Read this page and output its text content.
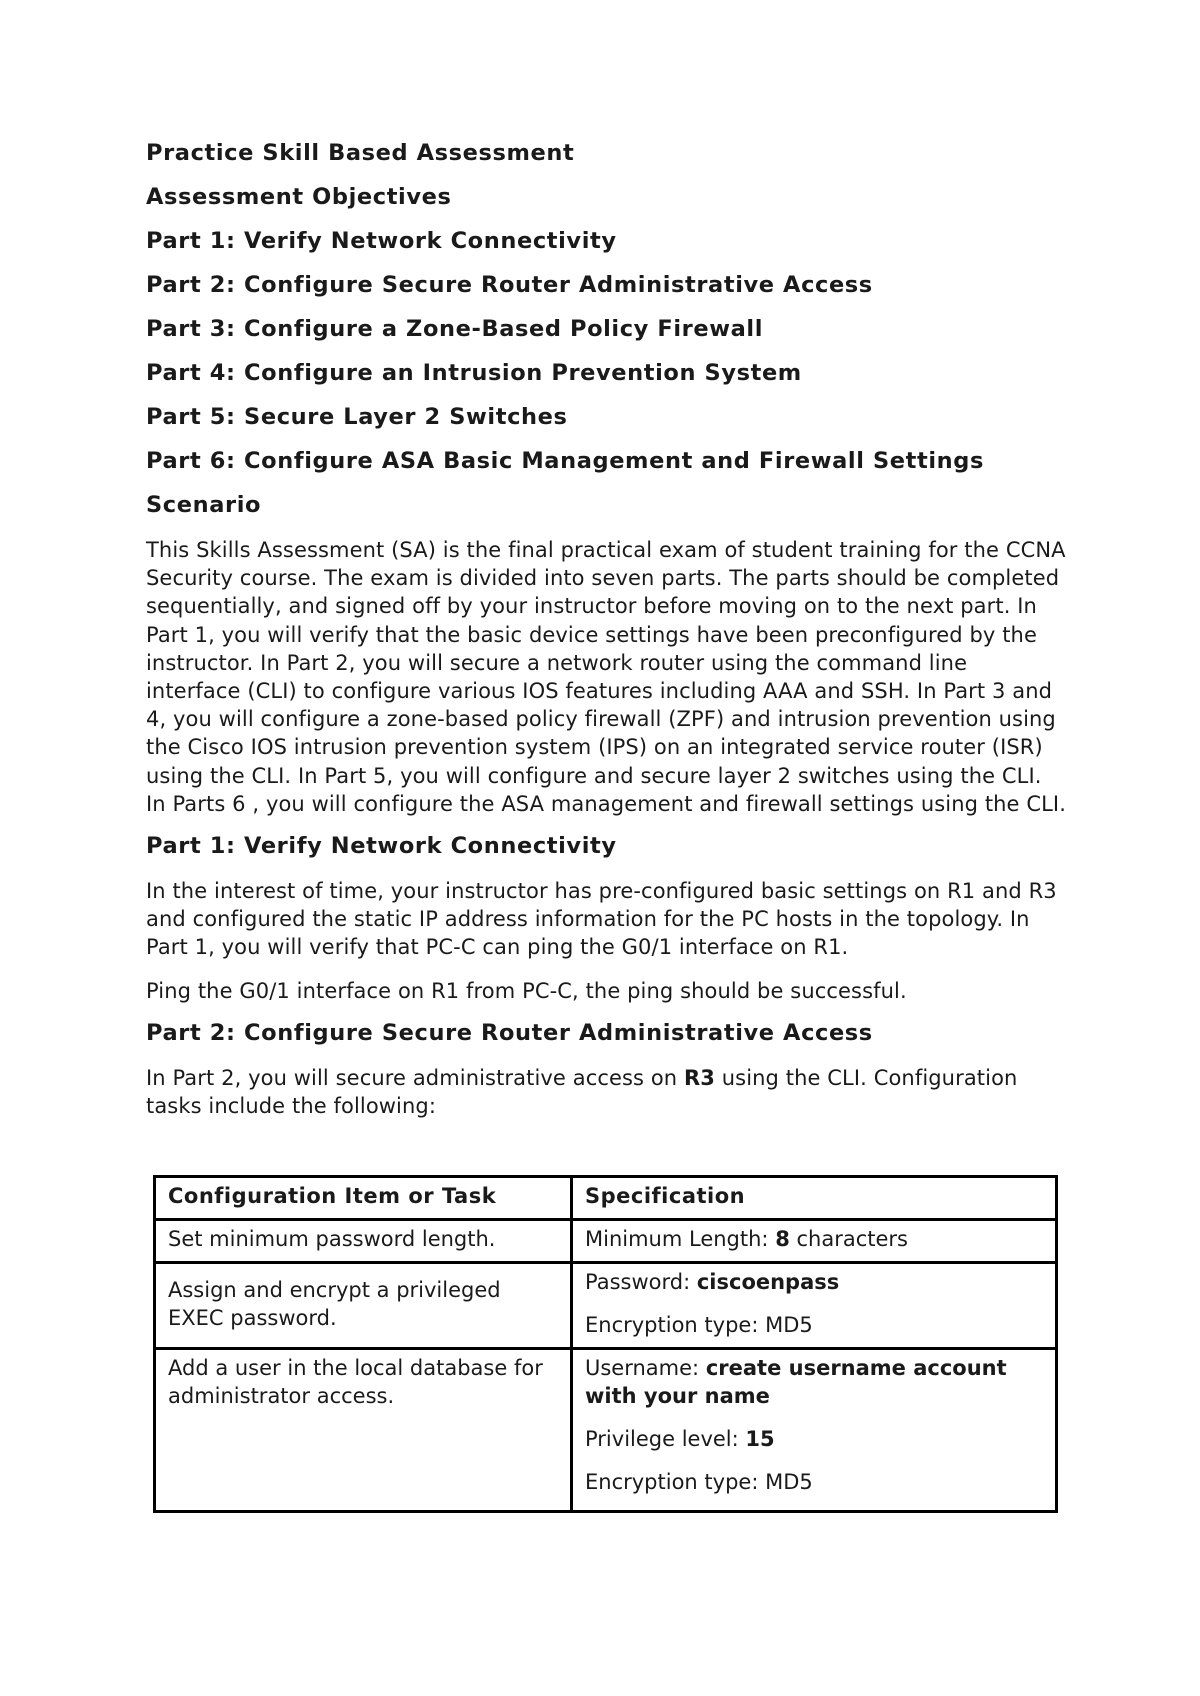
Practice Skill Based Assessment
Assessment Objectives
Part 1: Verify Network Connectivity
Part 2: Configure Secure Router Administrative Access
Part 3: Configure a Zone-Based Policy Firewall
Part 4: Configure an Intrusion Prevention System
Part 5: Secure Layer 2 Switches
Part 6: Configure ASA Basic Management and Firewall Settings
Scenario
This Skills Assessment (SA) is the final practical exam of student training for the CCNA Security course. The exam is divided into seven parts. The parts should be completed sequentially, and signed off by your instructor before moving on to the next part. In Part 1, you will verify that the basic device settings have been preconfigured by the instructor. In Part 2, you will secure a network router using the command line interface (CLI) to configure various IOS features including AAA and SSH. In Part 3 and 4, you will configure a zone-based policy firewall (ZPF) and intrusion prevention using the Cisco IOS intrusion prevention system (IPS) on an integrated service router (ISR) using the CLI. In Part 5, you will configure and secure layer 2 switches using the CLI. In Parts 6 , you will configure the ASA management and firewall settings using the CLI.
Part 1: Verify Network Connectivity
In the interest of time, your instructor has pre-configured basic settings on R1 and R3 and configured the static IP address information for the PC hosts in the topology. In Part 1, you will verify that PC-C can ping the G0/1 interface on R1.
Ping the G0/1 interface on R1 from PC-C, the ping should be successful.
Part 2: Configure Secure Router Administrative Access
In Part 2, you will secure administrative access on R3 using the CLI. Configuration tasks include the following:
Configuration Item or Task	Specification
Set minimum password length.	Minimum Length: 8 characters
Assign and encrypt a privileged EXEC password.	Password: ciscoenpass
Encryption type: MD5

Add a user in the local database for administrator access.	Username: create username account with your name
Privilege level: 15
Encryption type: MD5
